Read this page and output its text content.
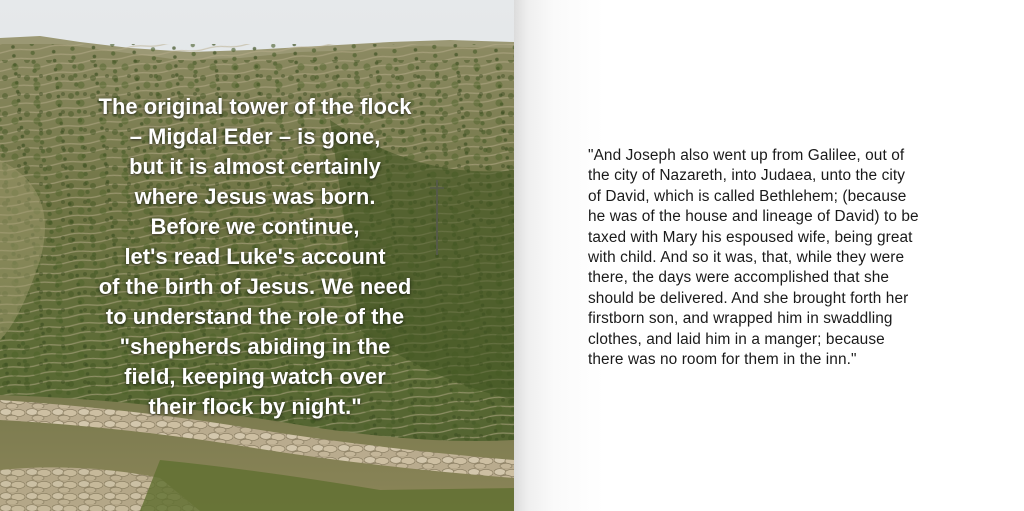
The original tower of the flock
– Migdal Eder – is gone,
but it is almost certainly
where Jesus was born.
Before we continue,
let's read Luke's account
of the birth of Jesus. We need
to understand the role of the
"shepherds abiding in the
field, keeping watch over
their flock by night."
"And Joseph also went up from Galilee, out of
the city of Nazareth, into Judaea, unto the city
of David, which is called Bethlehem; (because
he was of the house and lineage of David) to be
taxed with Mary his espoused wife, being great
with child. And so it was, that, while they were
there, the days were accomplished that she
should be delivered. And she brought forth her
firstborn son, and wrapped him in swaddling
clothes, and laid him in a manger; because
there was no room for them in the inn."
